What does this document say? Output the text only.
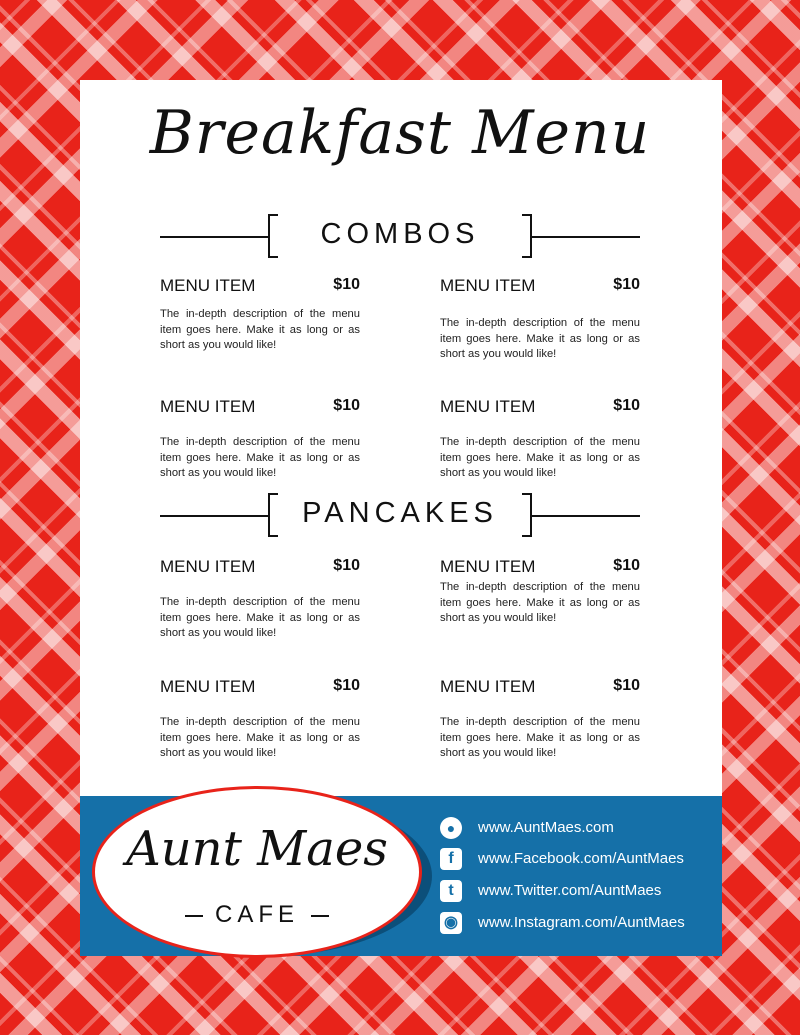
Breakfast Menu
COMBOS
MENU ITEM	$10
The in-depth description of the menu item goes here. Make it as long or as short as you would like!
MENU ITEM	$10
The in-depth description of the menu item goes here. Make it as long or as short as you would like!
MENU ITEM	$10
The in-depth description of the menu item goes here. Make it as long or as short as you would like!
MENU ITEM	$10
The in-depth description of the menu item goes here. Make it as long or as short as you would like!
PANCAKES
MENU ITEM	$10
The in-depth description of the menu item goes here. Make it as long or as short as you would like!
MENU ITEM	$10
The in-depth description of the menu item goes here. Make it as long or as short as you would like!
MENU ITEM	$10
The in-depth description of the menu item goes here. Make it as long or as short as you would like!
MENU ITEM	$10
The in-depth description of the menu item goes here. Make it as long or as short as you would like!
Aunt Maes
CAFE
●	www.AuntMaes.com
f	www.Facebook.com/AuntMaes
t	www.Twitter.com/AuntMaes
◉ www.Instagram.com/AuntMaes
